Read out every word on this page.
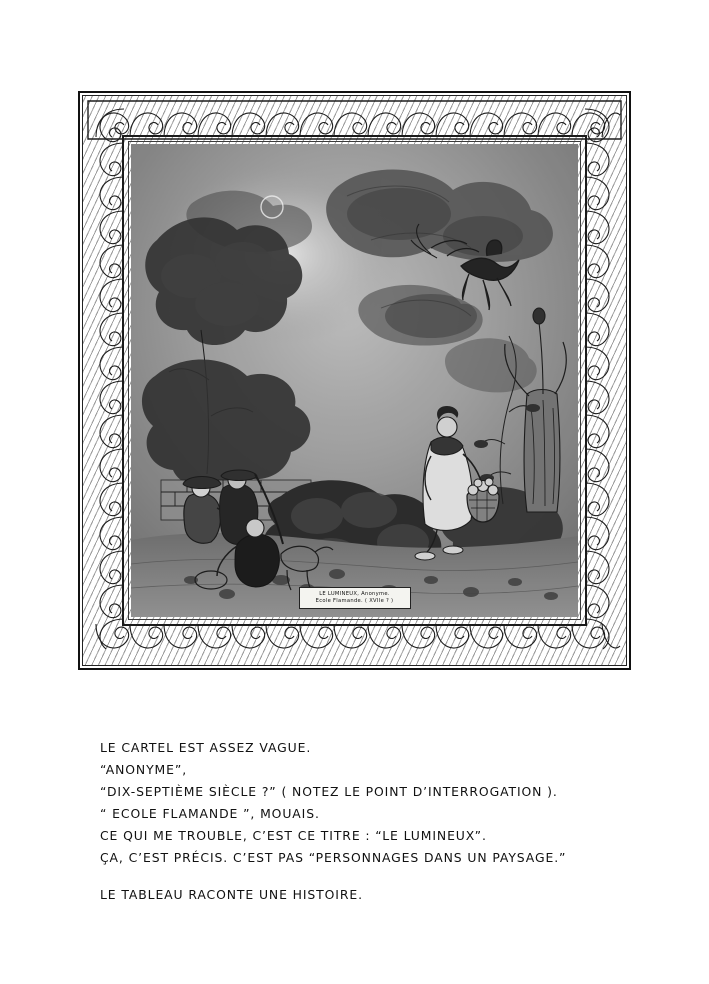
LE LUMINEUX, Anonyme.
Ecole Flamande. ( XVIIe ? )

LE CARTEL EST ASSEZ VAGUE.

“ANONYME”,

“DIX-SEPTIÈME SIÈCLE ?” ( NOTEZ LE POINT D’INTERROGATION ).

“ ECOLE FLAMANDE ”, MOUAIS.

CE QUI ME TROUBLE, C’EST CE TITRE : “LE LUMINEUX”.

ÇA, C’EST PRÉCIS. C’EST PAS “PERSONNAGES DANS UN PAYSAGE.”

LE TABLEAU RACONTE UNE HISTOIRE.
